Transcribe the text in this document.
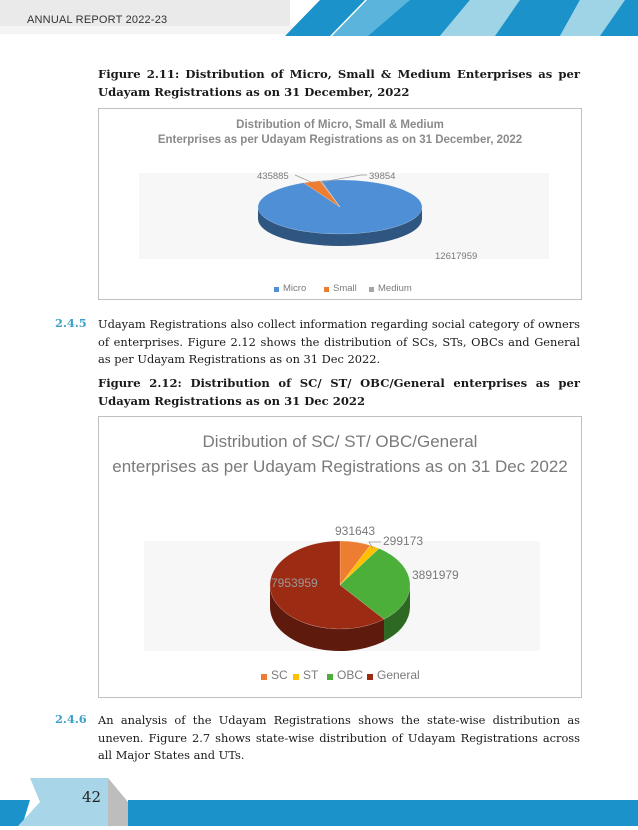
ANNUAL REPORT 2022-23
Figure 2.11: Distribution of Micro, Small & Medium Enterprises as per Udayam Registrations as on 31 December, 2022
Distribution of Micro, Small & Medium
Enterprises as per Udayam Registrations as on 31 December, 2022
12617959
435885	39854
Micro	Small Medium
2.4.5 Udayam Registrations also collect information regarding social category of owners of enterprises. Figure 2.12 shows the distribution of SCs, STs, OBCs and General as per Udayam Registrations as on 31 Dec 2022.
Figure 2.12: Distribution of SC/ ST/ OBC/General enterprises as per Udayam Registrations as on 31 Dec 2022
Distribution of SC/ ST/ OBC/General
enterprises as per Udayam Registrations as on 31 Dec 2022
931643
299173
3891979
7953959
SC ST OBC General
2.4.6 An analysis of the Udayam Registrations shows the state-wise distribution as uneven. Figure 2.7 shows state-wise distribution of Udayam Registrations across all Major States and UTs.
42
